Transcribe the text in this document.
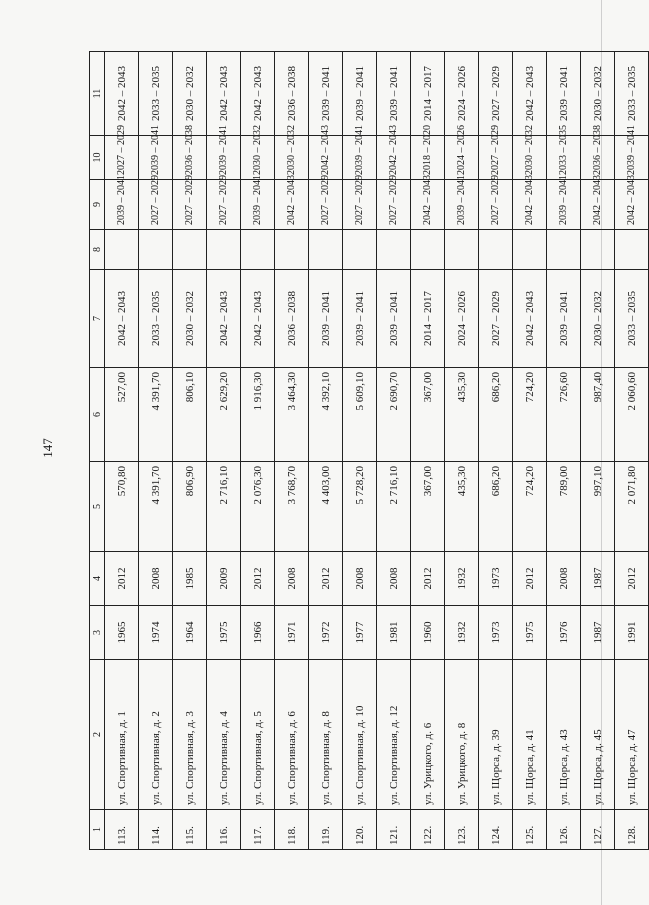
147
1	2	3	4	5	6	7	8	9	10	11
113.	ул. Спортивная, д. 1	1965	2012	570,80	527,00	2042 – 2043		2039 – 2041	2027 – 2029	2042 – 2043
114.	ул. Спортивная, д. 2	1974	2008	4 391,70	4 391,70	2033 – 2035		2027 – 2029	2039 – 2041	2033 – 2035
115.	ул. Спортивная, д. 3	1964	1985	806,90	806,10	2030 – 2032		2027 – 2029	2036 – 2038	2030 – 2032
116.	ул. Спортивная, д. 4	1975	2009	2 716,10	2 629,20	2042 – 2043		2027 – 2029	2039 – 2041	2042 – 2043
117.	ул. Спортивная, д. 5	1966	2012	2 076,30	1 916,30	2042 – 2043		2039 – 2041	2030 – 2032	2042 – 2043
118.	ул. Спортивная, д. 6	1971	2008	3 768,70	3 464,30	2036 – 2038		2042 – 2043	2030 – 2032	2036 – 2038
119.	ул. Спортивная, д. 8	1972	2012	4 403,00	4 392,10	2039 – 2041		2027 – 2029	2042 – 2043	2039 – 2041
120.	ул. Спортивная, д. 10	1977	2008	5 728,20	5 609,10	2039 – 2041		2027 – 2029	2039 – 2041	2039 – 2041
121.	ул. Спортивная, д. 12	1981	2008	2 716,10	2 690,70	2039 – 2041		2027 – 2029	2042 – 2043	2039 – 2041
122.	ул. Урицкого, д. 6	1960	2012	367,00	367,00	2014 – 2017		2042 – 2043	2018 – 2020	2014 – 2017
123.	ул. Урицкого, д. 8	1932	1932	435,30	435,30	2024 – 2026		2039 – 2041	2024 – 2026	2024 – 2026
124.	ул. Щорса, д. 39	1973	1973	686,20	686,20	2027 – 2029		2027 – 2029	2027 – 2029	2027 – 2029
125.	ул. Щорса, д. 41	1975	2012	724,20	724,20	2042 – 2043		2042 – 2043	2030 – 2032	2042 – 2043
126.	ул. Щорса, д. 43	1976	2008	789,00	726,60	2039 – 2041		2039 – 2041	2033 – 2035	2039 – 2041
127.	ул. Щорса, д. 45	1987	1987	997,10	987,40	2030 – 2032		2042 – 2043	2036 – 2038	2030 – 2032
128.	ул. Щорса, д. 47	1991	2012	2 071,80	2 060,60	2033 – 2035		2042 – 2043	2039 – 2041	2033 – 2035
